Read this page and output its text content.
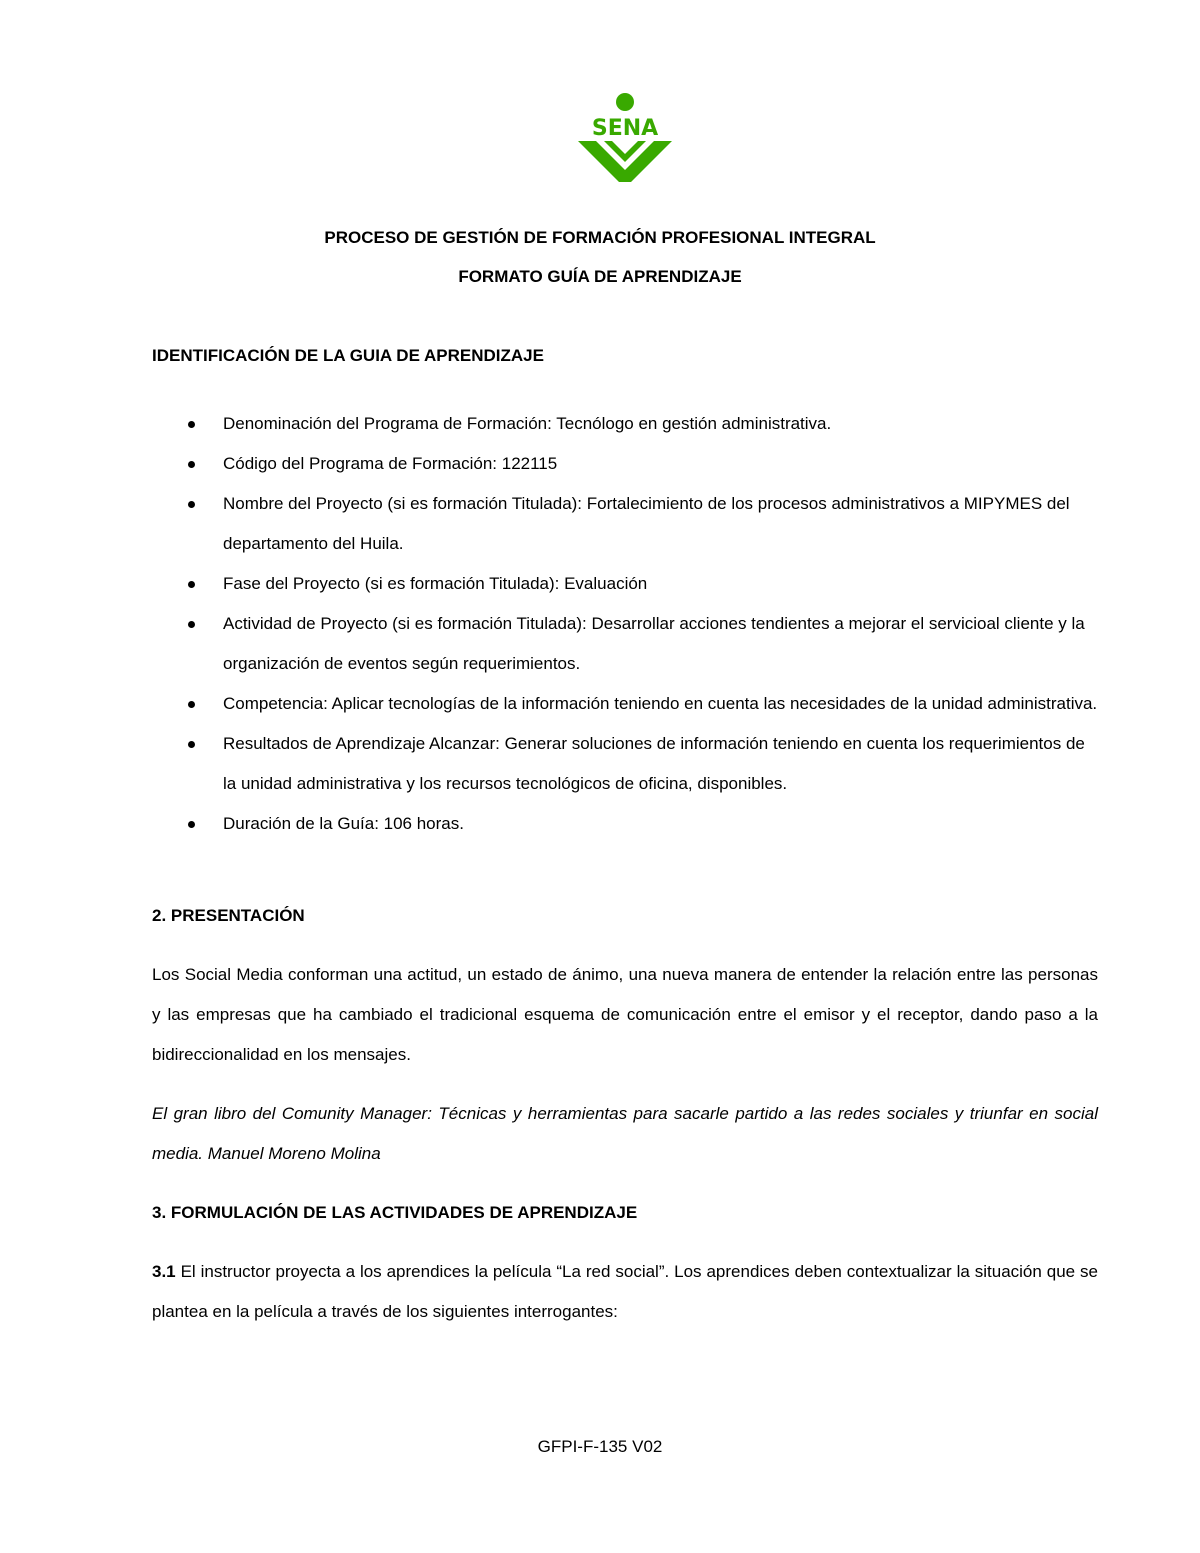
SENA
PROCESO DE GESTIÓN DE FORMACIÓN PROFESIONAL INTEGRAL
FORMATO GUÍA DE APRENDIZAJE
IDENTIFICACIÓN DE LA GUIA DE APRENDIZAJE
Denominación del Programa de Formación: Tecnólogo en gestión administrativa.
Código del Programa de Formación: 122115
Nombre del Proyecto (si es formación Titulada): Fortalecimiento de los procesos administrativos a MIPYMES del departamento del Huila.
Fase del Proyecto (si es formación Titulada): Evaluación
Actividad de Proyecto (si es formación Titulada): Desarrollar acciones tendientes a mejorar el servicioal cliente y la organización de eventos según requerimientos.
Competencia: Aplicar tecnologías de la información teniendo en cuenta las necesidades de la unidad administrativa.
Resultados de Aprendizaje Alcanzar: Generar soluciones de información teniendo en cuenta los requerimientos de la unidad administrativa y los recursos tecnológicos de oficina, disponibles.
Duración de la Guía: 106 horas.
2. PRESENTACIÓN
Los Social Media conforman una actitud, un estado de ánimo, una nueva manera de entender la relación entre las personas y las empresas que ha cambiado el tradicional esquema de comunicación entre el emisor y el receptor, dando paso a la bidireccionalidad en los mensajes.
El gran libro del Comunity Manager: Técnicas y herramientas para sacarle partido a las redes sociales y triunfar en social media. Manuel Moreno Molina
3. FORMULACIÓN DE LAS ACTIVIDADES DE APRENDIZAJE
3.1 El instructor proyecta a los aprendices la película “La red social”. Los aprendices deben contextualizar la situación que se plantea en la película a través de los siguientes interrogantes:
GFPI-F-135 V02
